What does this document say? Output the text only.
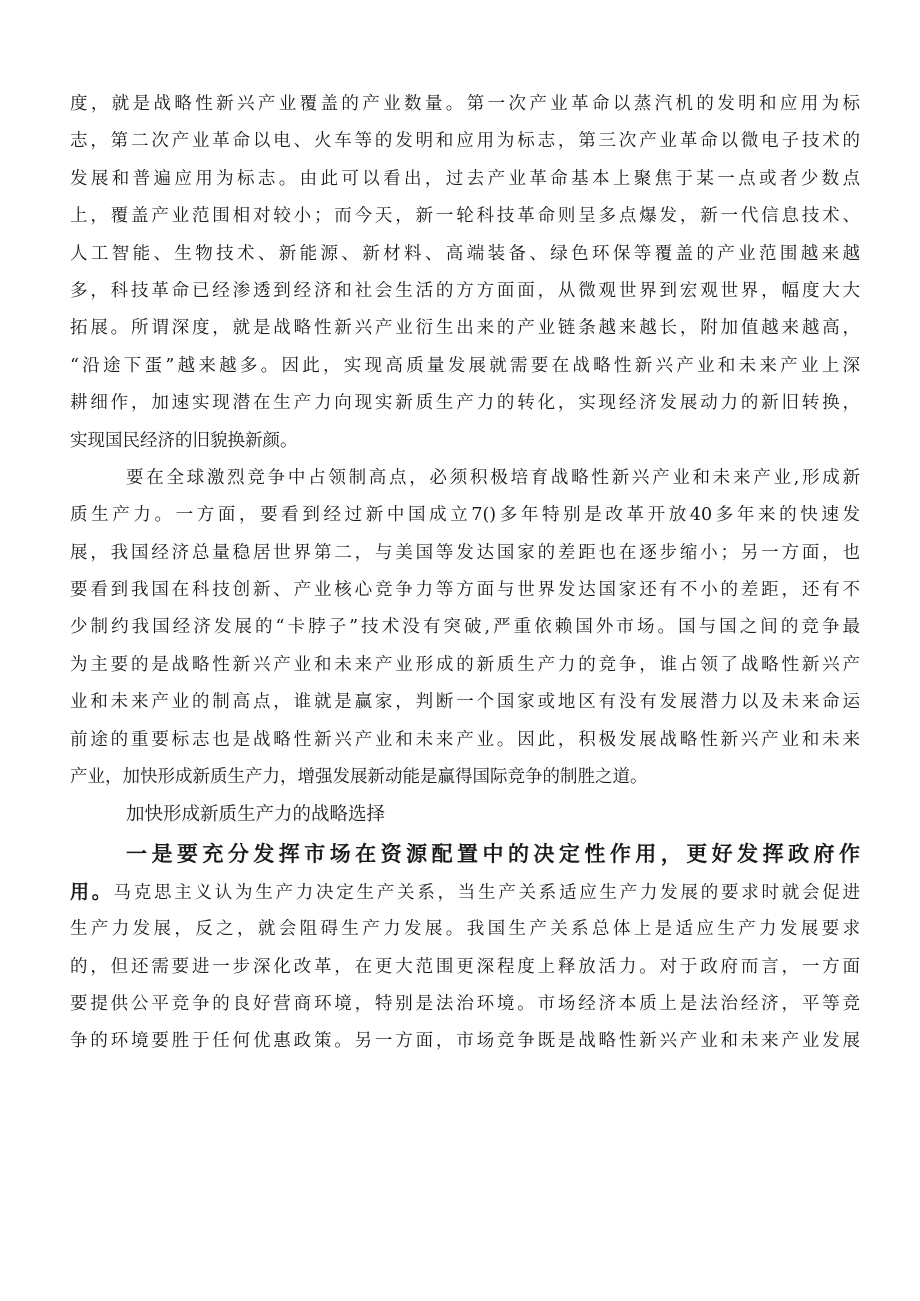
度，就是战略性新兴产业覆盖的产业数量。第一次产业革命以蒸汽机的发明和应用为标
志，第二次产业革命以电、火车等的发明和应用为标志，第三次产业革命以微电子技术的
发展和普遍应用为标志。由此可以看出，过去产业革命基本上聚焦于某一点或者少数点
上，覆盖产业范围相对较小；而今天，新一轮科技革命则呈多点爆发，新一代信息技术、
人工智能、生物技术、新能源、新材料、高端装备、绿色环保等覆盖的产业范围越来越
多，科技革命已经渗透到经济和社会生活的方方面面，从微观世界到宏观世界，幅度大大
拓展。所谓深度，就是战略性新兴产业衍生出来的产业链条越来越长，附加值越来越高，
“沿途下蛋”越来越多。因此，实现高质量发展就需要在战略性新兴产业和未来产业上深
耕细作，加速实现潜在生产力向现实新质生产力的转化，实现经济发展动力的新旧转换，
实现国民经济的旧貌换新颜。
要在全球激烈竞争中占领制高点，必须积极培育战略性新兴产业和未来产业,形成新
质生产力。一方面，要看到经过新中国成立7()多年特别是改革开放40多年来的快速发
展，我国经济总量稳居世界第二，与美国等发达国家的差距也在逐步缩小；另一方面，也
要看到我国在科技创新、产业核心竞争力等方面与世界发达国家还有不小的差距，还有不
少制约我国经济发展的“卡脖子”技术没有突破,严重依赖国外市场。国与国之间的竞争最
为主要的是战略性新兴产业和未来产业形成的新质生产力的竞争，谁占领了战略性新兴产
业和未来产业的制高点，谁就是赢家，判断一个国家或地区有没有发展潜力以及未来命运
前途的重要标志也是战略性新兴产业和未来产业。因此，积极发展战略性新兴产业和未来
产业，加快形成新质生产力，增强发展新动能是赢得国际竞争的制胜之道。
加快形成新质生产力的战略选择
一是要充分发挥市场在资源配置中的决定性作用，更好发挥政府作
用。马克思主义认为生产力决定生产关系，当生产关系适应生产力发展的要求时就会促进
生产力发展，反之，就会阻碍生产力发展。我国生产关系总体上是适应生产力发展要求
的，但还需要进一步深化改革，在更大范围更深程度上释放活力。对于政府而言，一方面
要提供公平竞争的良好营商环境，特别是法治环境。市场经济本质上是法治经济，平等竞
争的环境要胜于任何优惠政策。另一方面，市场竞争既是战略性新兴产业和未来产业发展
